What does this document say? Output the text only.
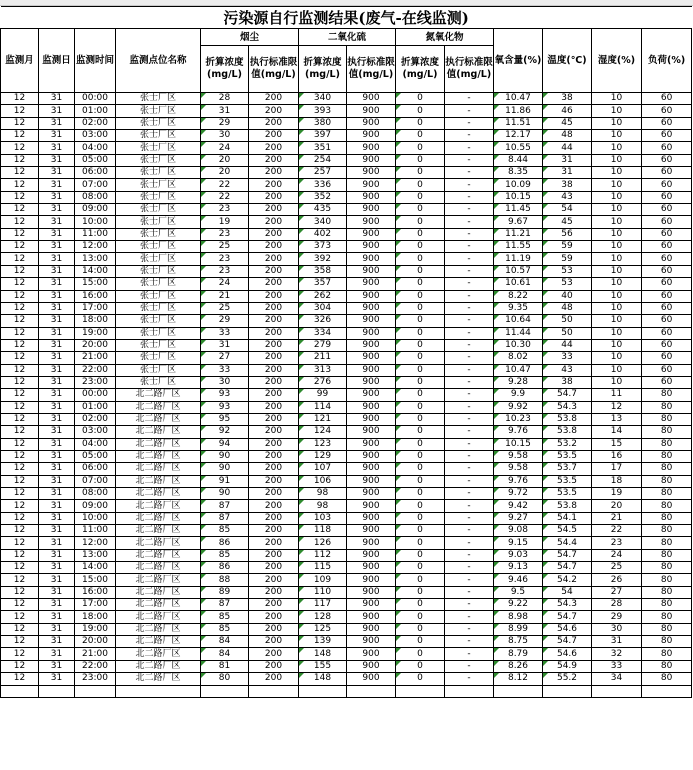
污染源自行监测结果(废气-在线监测)													
监测月	监测日	监测时间	监测点位名称	烟尘		二氧化硫		氮氧化物		氧含量(%)	温度(℃)	湿度(%)	负荷(%)
				折算浓度(mg/L)	执行标准限值(mg/L)	折算浓度(mg/L)	执行标准限值(mg/L)	折算浓度(mg/L)	执行标准限值(mg/L)				
12	31	00:00	张士厂区	28	200	340	900	0	-	10.47	38	10	60
12	31	01:00	张士厂区	31	200	393	900	0	-	11.86	46	10	60
12	31	02:00	张士厂区	29	200	380	900	0	-	11.51	45	10	60
12	31	03:00	张士厂区	30	200	397	900	0	-	12.17	48	10	60
12	31	04:00	张士厂区	24	200	351	900	0	-	10.55	44	10	60
12	31	05:00	张士厂区	20	200	254	900	0	-	8.44	31	10	60
12	31	06:00	张士厂区	20	200	257	900	0	-	8.35	31	10	60
12	31	07:00	张士厂区	22	200	336	900	0	-	10.09	38	10	60
12	31	08:00	张士厂区	22	200	352	900	0	-	10.15	43	10	60
12	31	09:00	张士厂区	23	200	435	900	0	-	11.45	54	10	60
12	31	10:00	张士厂区	19	200	340	900	0	-	9.67	45	10	60
12	31	11:00	张士厂区	23	200	402	900	0	-	11.21	56	10	60
12	31	12:00	张士厂区	25	200	373	900	0	-	11.55	59	10	60
12	31	13:00	张士厂区	23	200	392	900	0	-	11.19	59	10	60
12	31	14:00	张士厂区	23	200	358	900	0	-	10.57	53	10	60
12	31	15:00	张士厂区	24	200	357	900	0	-	10.61	53	10	60
12	31	16:00	张士厂区	21	200	262	900	0	-	8.22	40	10	60
12	31	17:00	张士厂区	25	200	304	900	0	-	9.35	48	10	60
12	31	18:00	张士厂区	29	200	326	900	0	-	10.64	50	10	60
12	31	19:00	张士厂区	33	200	334	900	0	-	11.44	50	10	60
12	31	20:00	张士厂区	31	200	279	900	0	-	10.30	44	10	60
12	31	21:00	张士厂区	27	200	211	900	0	-	8.02	33	10	60
12	31	22:00	张士厂区	33	200	313	900	0	-	10.47	43	10	60
12	31	23:00	张士厂区	30	200	276	900	0	-	9.28	38	10	60
12	31	00:00	北二路厂区	93	200	99	900	0	-	9.9	54.7	11	80
12	31	01:00	北二路厂区	93	200	114	900	0	-	9.92	54.3	12	80
12	31	02:00	北二路厂区	95	200	121	900	0	-	10.23	53.8	13	80
12	31	03:00	北二路厂区	92	200	124	900	0	-	9.76	53.8	14	80
12	31	04:00	北二路厂区	94	200	123	900	0	-	10.15	53.2	15	80
12	31	05:00	北二路厂区	90	200	129	900	0	-	9.58	53.5	16	80
12	31	06:00	北二路厂区	90	200	107	900	0	-	9.58	53.7	17	80
12	31	07:00	北二路厂区	91	200	106	900	0	-	9.76	53.5	18	80
12	31	08:00	北二路厂区	90	200	98	900	0	-	9.72	53.5	19	80
12	31	09:00	北二路厂区	87	200	98	900	0	-	9.42	53.8	20	80
12	31	10:00	北二路厂区	87	200	103	900	0	-	9.27	54.1	21	80
12	31	11:00	北二路厂区	85	200	118	900	0	-	9.08	54.5	22	80
12	31	12:00	北二路厂区	86	200	126	900	0	-	9.15	54.4	23	80
12	31	13:00	北二路厂区	85	200	112	900	0	-	9.03	54.7	24	80
12	31	14:00	北二路厂区	86	200	115	900	0	-	9.13	54.7	25	80
12	31	15:00	北二路厂区	88	200	109	900	0	-	9.46	54.2	26	80
12	31	16:00	北二路厂区	89	200	110	900	0	-	9.5	54	27	80
12	31	17:00	北二路厂区	87	200	117	900	0	-	9.22	54.3	28	80
12	31	18:00	北二路厂区	85	200	128	900	0	-	8.98	54.7	29	80
12	31	19:00	北二路厂区	85	200	125	900	0	-	8.99	54.6	30	80
12	31	20:00	北二路厂区	84	200	139	900	0	-	8.75	54.7	31	80
12	31	21:00	北二路厂区	84	200	148	900	0	-	8.79	54.6	32	80
12	31	22:00	北二路厂区	81	200	155	900	0	-	8.26	54.9	33	80
12	31	23:00	北二路厂区	80	200	148	900	0	-	8.12	55.2	34	80
